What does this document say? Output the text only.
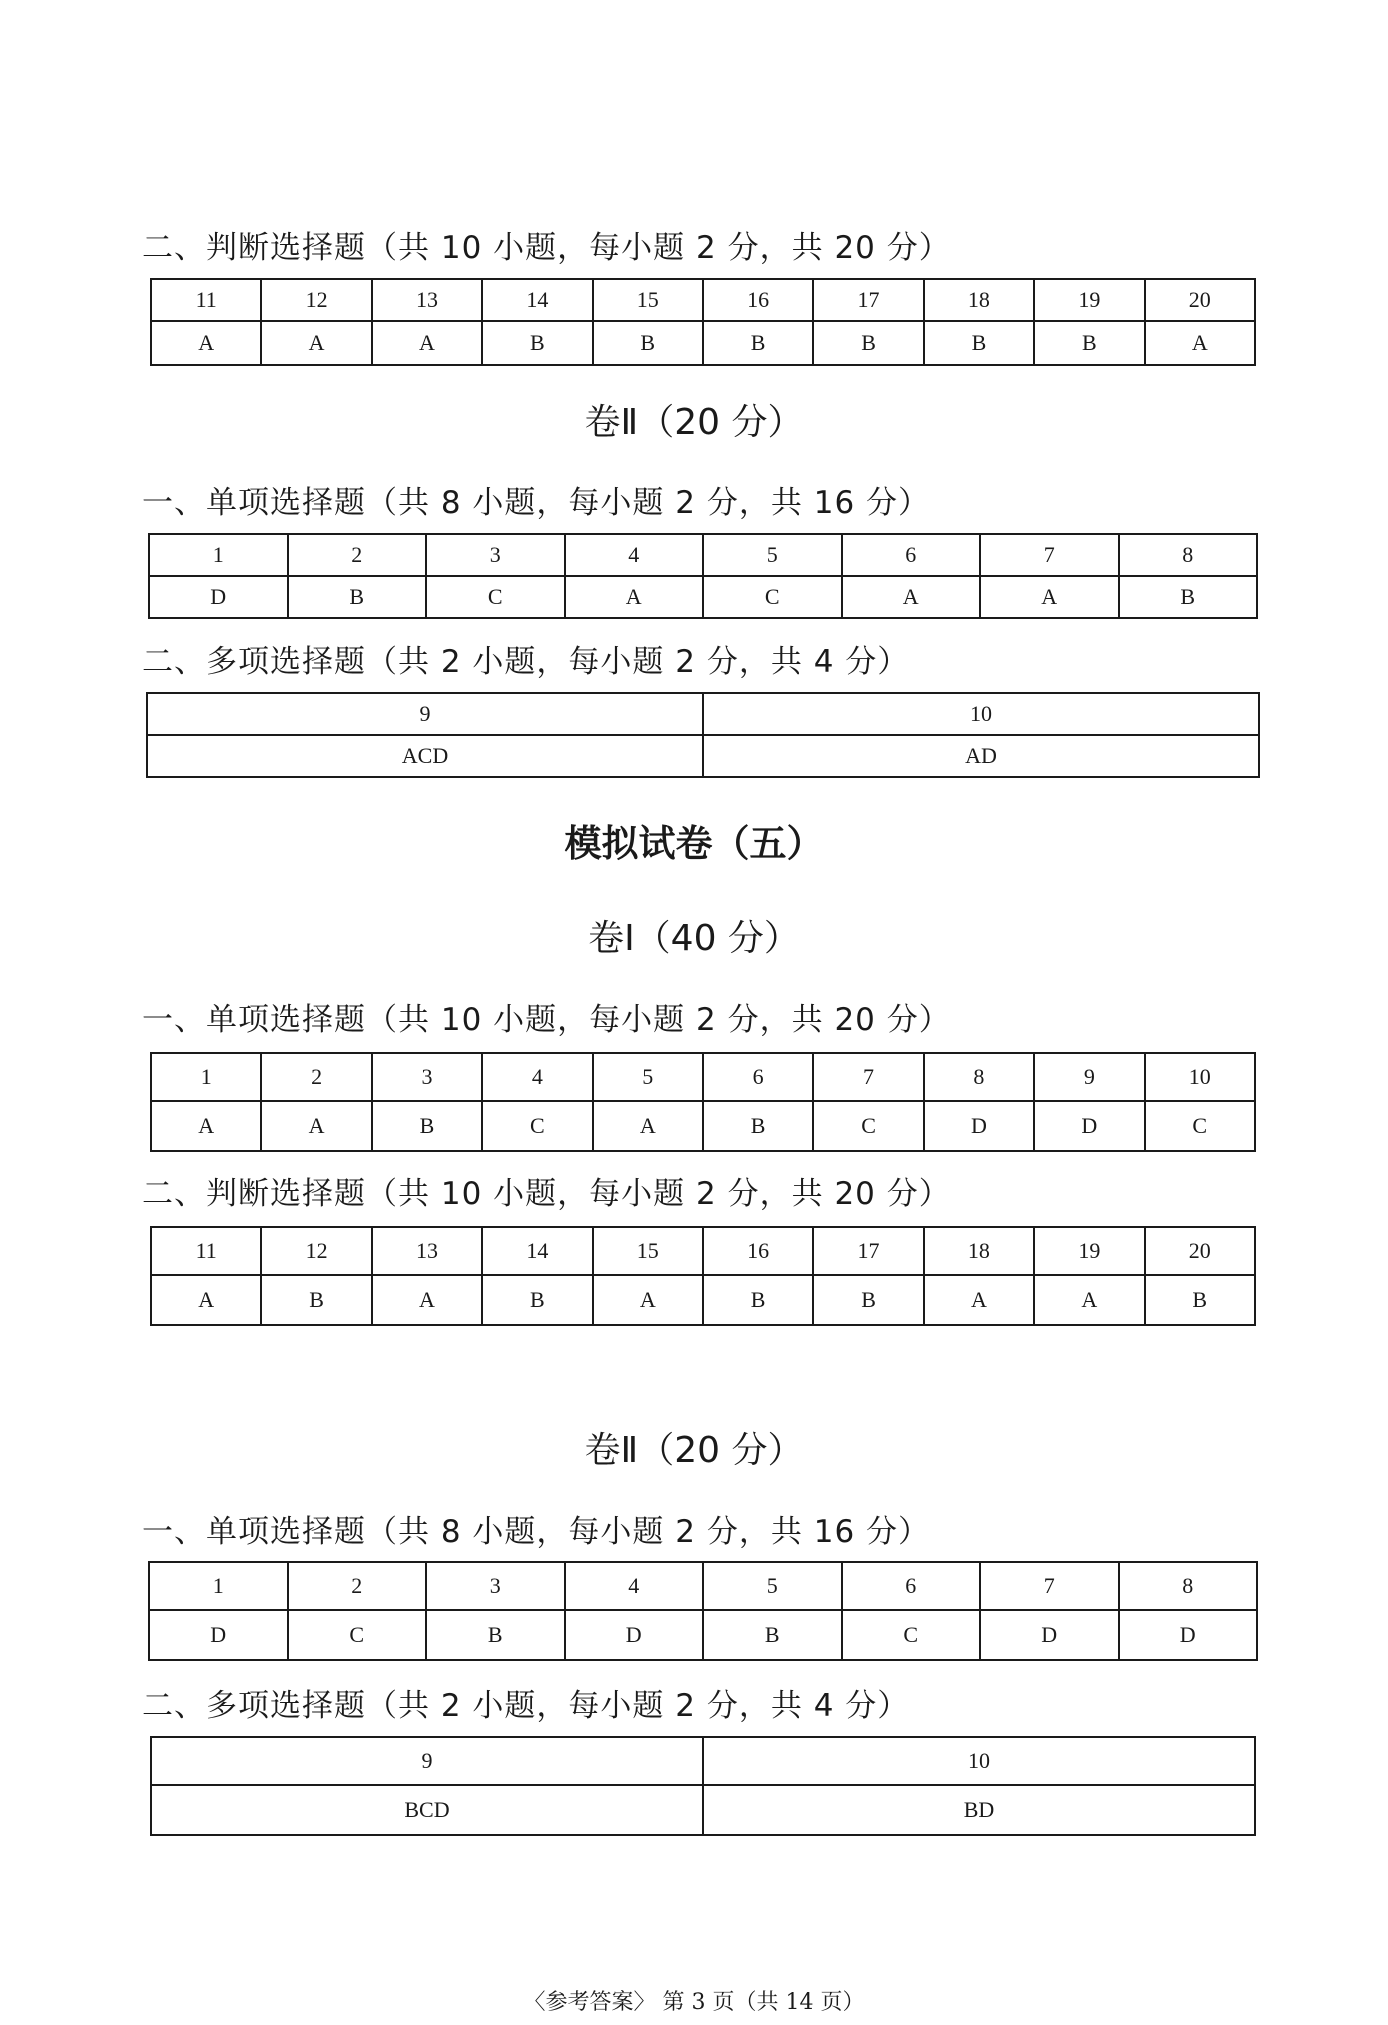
二、判断选择题（共 10 小题，每小题 2 分，共 20 分）
11	12	13	14	15	16	17	18	19	20
A	A	A	B	B	B	B	B	B	A
卷Ⅱ（20 分）
一、单项选择题（共 8 小题，每小题 2 分，共 16 分）
1	2	3	4	5	6	7	8
D	B	C	A	C	A	A	B
二、多项选择题（共 2 小题，每小题 2 分，共 4 分）
9	10
ACD	AD
模拟试卷（五）
卷Ⅰ（40 分）
一、单项选择题（共 10 小题，每小题 2 分，共 20 分）
1	2	3	4	5	6	7	8	9	10
A	A	B	C	A	B	C	D	D	C
二、判断选择题（共 10 小题，每小题 2 分，共 20 分）
11	12	13	14	15	16	17	18	19	20
A	B	A	B	A	B	B	A	A	B
卷Ⅱ（20 分）
一、单项选择题（共 8 小题，每小题 2 分，共 16 分）
1	2	3	4	5	6	7	8
D	C	B	D	B	C	D	D
二、多项选择题（共 2 小题，每小题 2 分，共 4 分）
9	10
BCD	BD
〈参考答案〉 第 3 页（共 14 页）
